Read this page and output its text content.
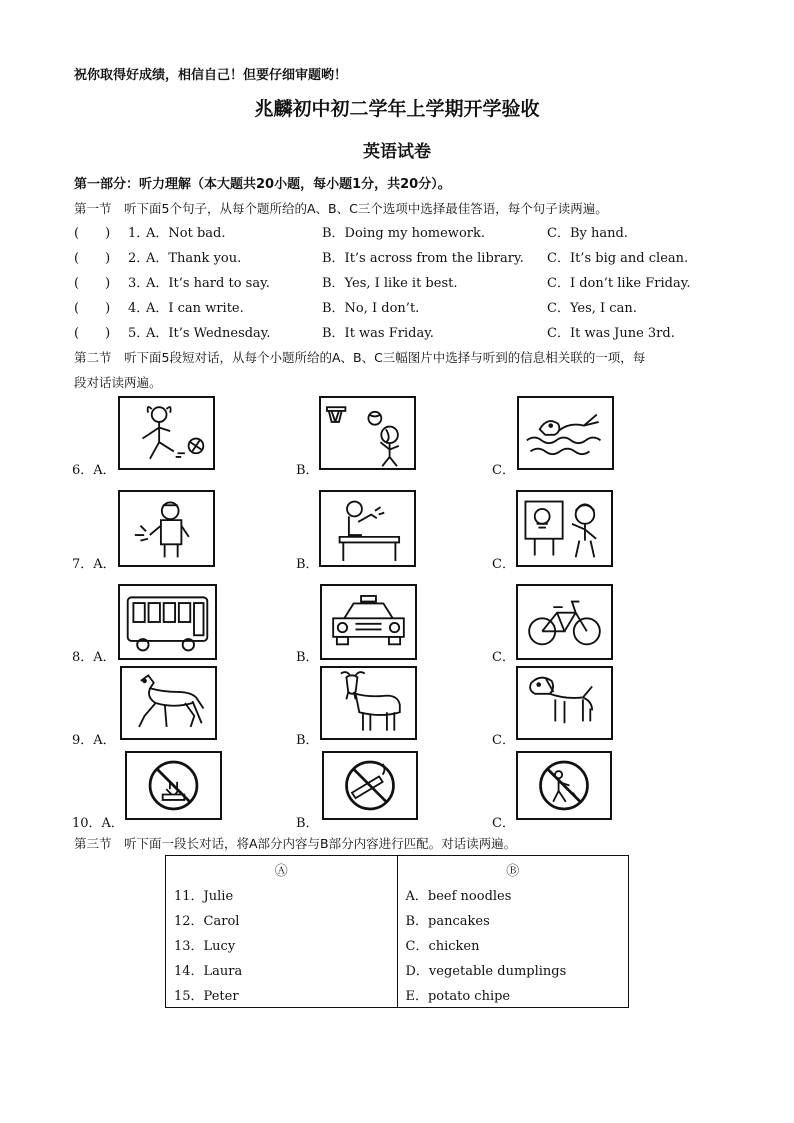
祝你取得好成绩，相信自己！但要仔细审题哟！
兆麟初中初二学年上学期开学验收
英语试卷
第一部分：听力理解（本大题共20小题，每小题1分，共20分）。
第一节　听下面5个句子，从每个题所给的A、B、C三个选项中选择最佳答语，每个句子读两遍。
(　　) 1．
A．Not bad.	B．Doing my homework.	C．By hand.
(　　) 2．
A．Thank you.	B．It’s across from the library. C．It’s big and clean.
(　　) 3．
A．It’s hard to say.	B．Yes, I like it best.	C．I don’t like Friday.
(　　) 4．
A．I can write.	B．No, I don’t.	C．Yes, I can.
(　　) 5．
A．It’s Wednesday.	B．It was Friday.	C．It was June 3rd.
第二节　听下面5段短对话，从每个小题所给的A、B、C三幅图片中选择与听到的信息相关联的一项，每
段对话读两遍。
6．A．	B．	C．
7．A．	B．	C．
8．A．	B．	C．
9．A．	B．	C．
10．A．	B．	C．
第三节　听下面一段长对话，将A部分内容与B部分内容进行匹配。对话读两遍。
Ⓐ	Ⓑ
11．Julie	A．beef noodles
12．Carol	B．pancakes
13．Lucy	C．chicken
14．Laura	D．vegetable dumplings
15．Peter	E．potato chipe
